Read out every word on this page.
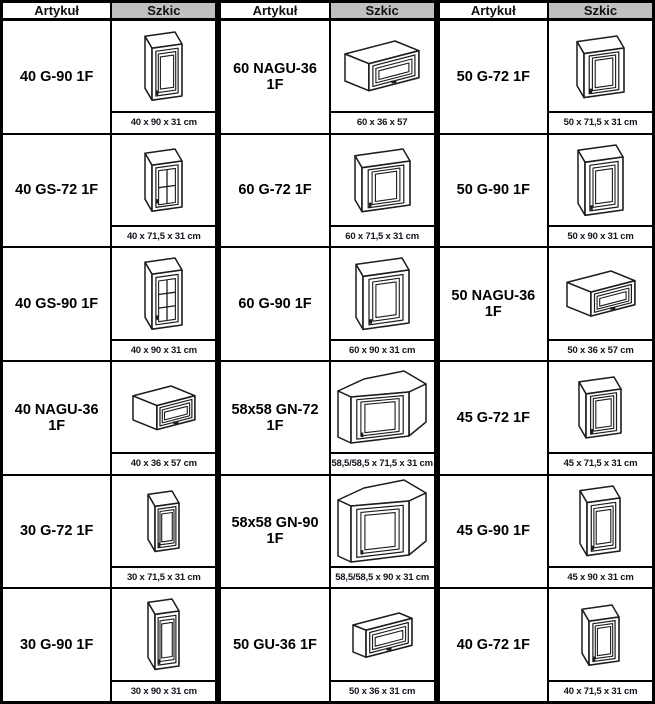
Artykuł	Szkic
40 G-90 1F	40 x 90 x 31 cm

40 GS-72 1F	40 x 71,5 x 31 cm

40 GS-90 1F	40 x 90 x 31 cm

40 NAGU-36 1F	40 x 36 x 57 cm

30 G-72 1F	30 x 71,5 x 31 cm

30 G-90 1F	30 x 90 x 31 cm
Artykuł	Szkic
60 NAGU-36 1F	60 x 36 x 57

60 G-72 1F	60 x 71,5 x 31 cm

60 G-90 1F	60 x 90 x 31 cm

58x58 GN-72 1F	58,5/58,5 x 71,5 x 31 cm

58x58 GN-90 1F	58,5/58,5 x 90 x 31 cm

50 GU-36 1F	50 x 36 x 31 cm
Artykuł	Szkic
50 G-72 1F	50 x 71,5 x 31 cm

50 G-90 1F	50 x 90 x 31 cm

50 NAGU-36 1F	50 x 36 x 57 cm

45 G-72 1F	45 x 71,5 x 31 cm

45 G-90 1F	45 x 90 x 31 cm

40 G-72 1F	40 x 71,5 x 31 cm
